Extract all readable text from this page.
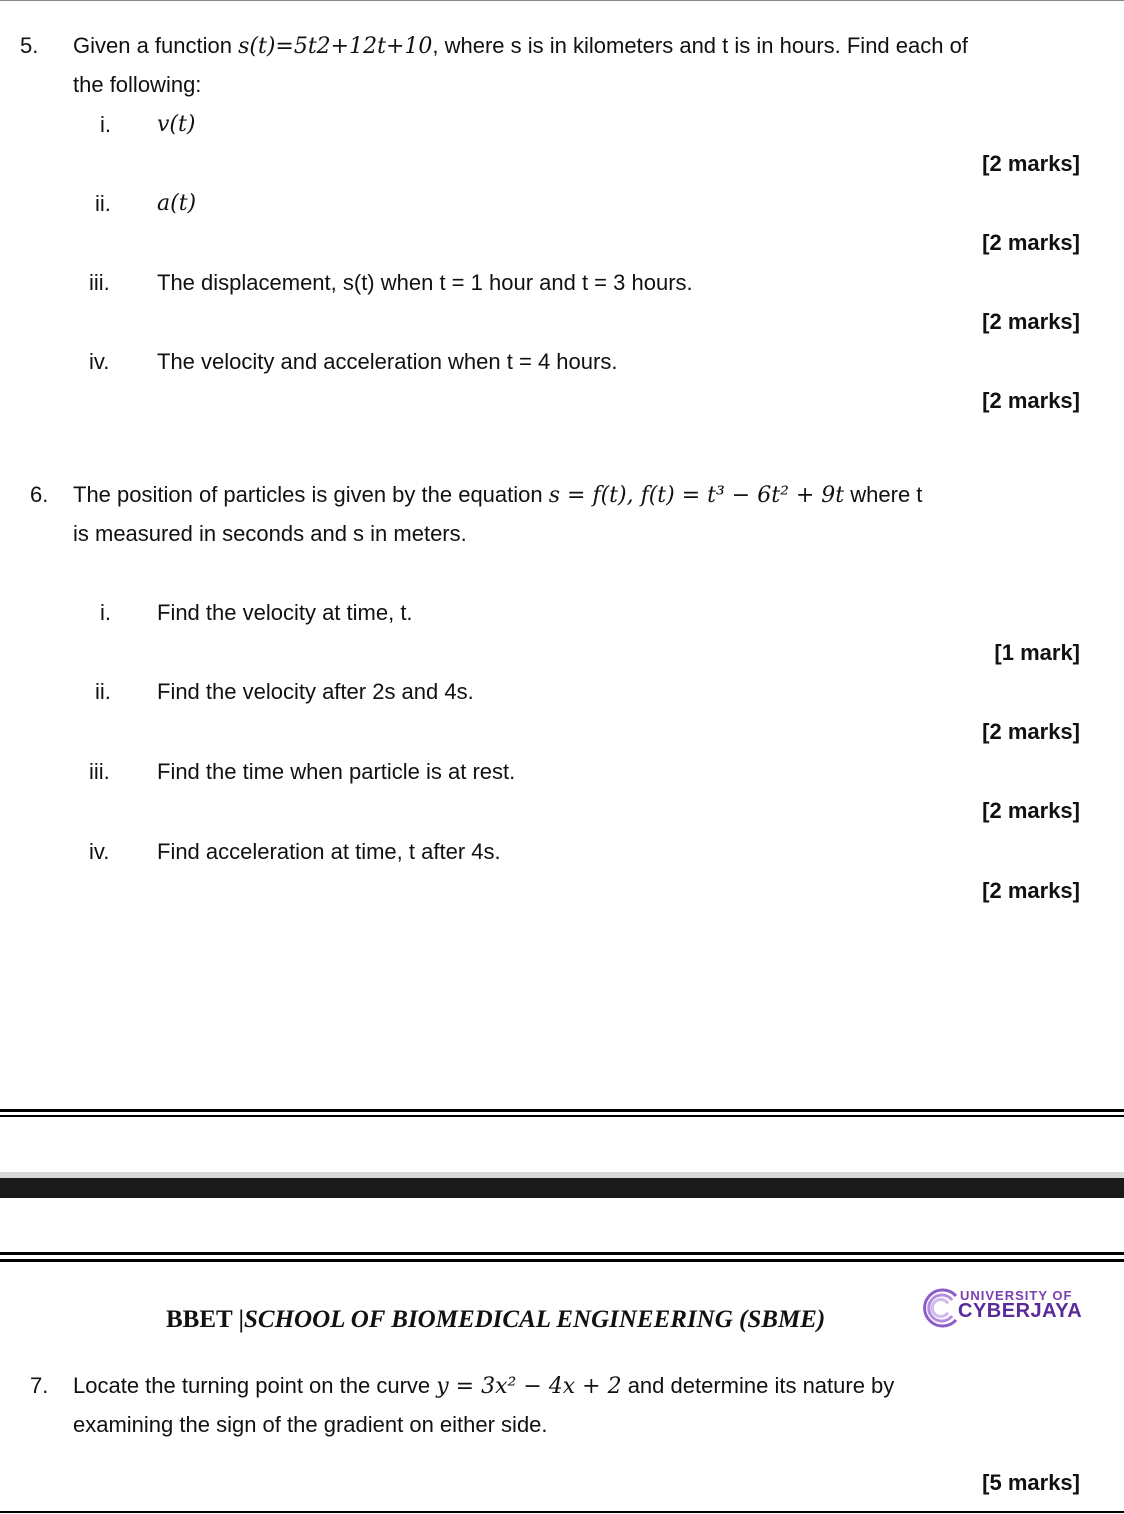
5. Given a function s(t)=5t2+12t+10, where s is in kilometers and t is in hours. Find each of
the following:
i. v(t)
[2 marks]
ii. a(t)
[2 marks]
iii. The displacement, s(t) when t = 1 hour and t = 3 hours.
[2 marks]
iv. The velocity and acceleration when t = 4 hours.
[2 marks]
6. The position of particles is given by the equation s = f(t), f(t) = t³ − 6t² + 9t where t
is measured in seconds and s in meters.
i. Find the velocity at time, t.
[1 mark]
ii. Find the velocity after 2s and 4s.
[2 marks]
iii. Find the time when particle is at rest.
[2 marks]
iv. Find acceleration at time, t after 4s.
[2 marks]
BBET |SCHOOL OF BIOMEDICAL ENGINEERING (SBME)
UNIVERSITY OF
CYBERJAYA
7. Locate the turning point on the curve y = 3x² − 4x + 2 and determine its nature by
examining the sign of the gradient on either side.
[5 marks]
